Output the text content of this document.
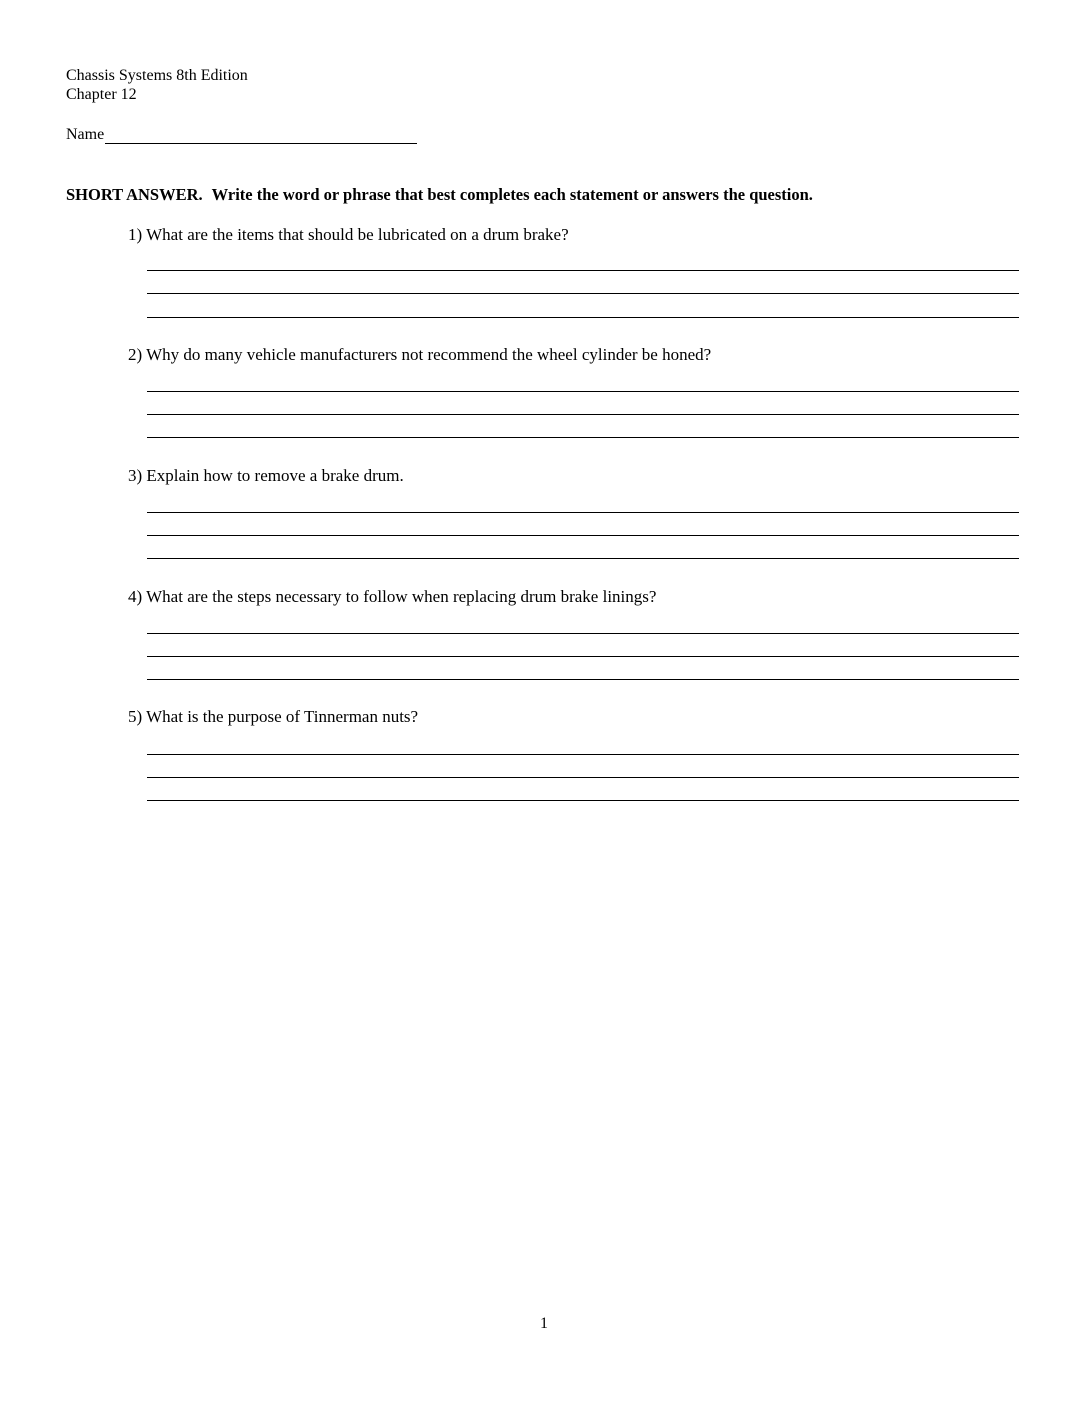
Chassis Systems 8th Edition
Chapter 12
Name
SHORT ANSWER. Write the word or phrase that best completes each statement or answers the question.
1) What are the items that should be lubricated on a drum brake?
2) Why do many vehicle manufacturers not recommend the wheel cylinder be honed?
3) Explain how to remove a brake drum.
4) What are the steps necessary to follow when replacing drum brake linings?
5) What is the purpose of Tinnerman nuts?
1
